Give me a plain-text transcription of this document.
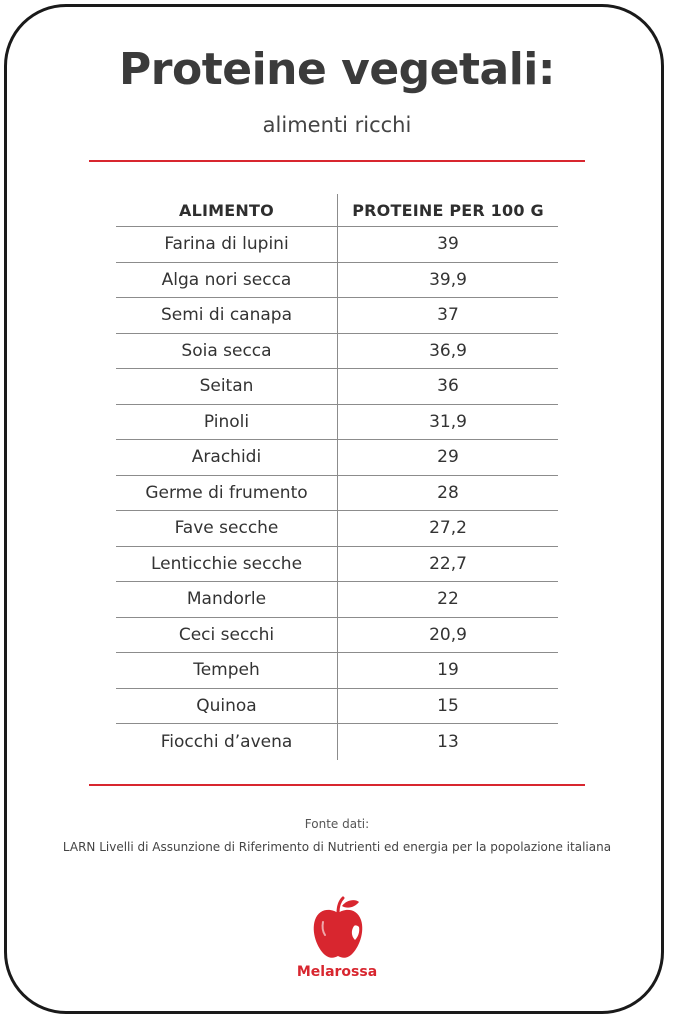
Proteine vegetali:
alimenti ricchi
ALIMENTO	PROTEINE PER 100 G
Farina di lupini	39
Alga nori secca	39,9
Semi di canapa	37
Soia secca	36,9
Seitan	36
Pinoli	31,9
Arachidi	29
Germe di frumento	28
Fave secche	27,2
Lenticchie secche	22,7
Mandorle	22
Ceci secchi	20,9
Tempeh	19
Quinoa	15
Fiocchi d’avena	13
Fonte dati:
LARN Livelli di Assunzione di Riferimento di Nutrienti ed energia per la popolazione italiana
Melarossa
